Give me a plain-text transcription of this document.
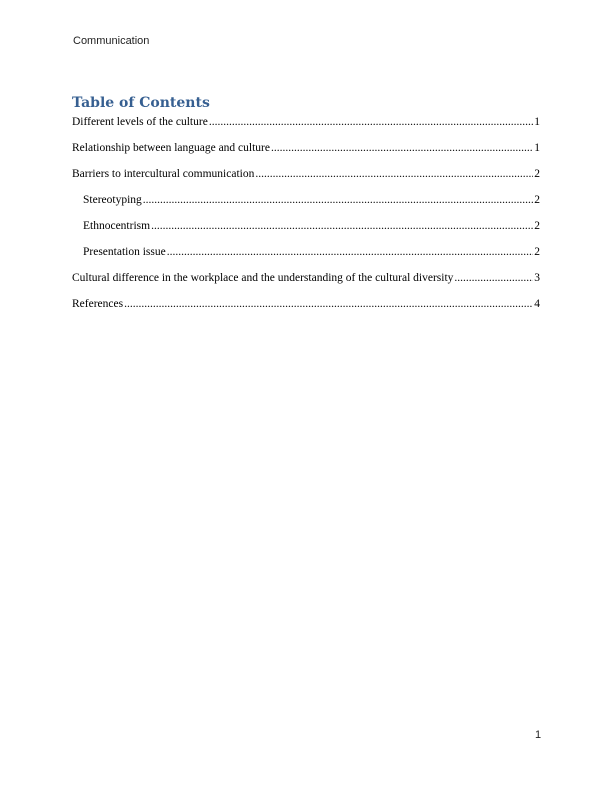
Communication
Table of Contents
Different levels of the culture .....	1
Relationship between language and culture .....	1
Barriers to intercultural communication .....	2
Stereotyping .....	2
Ethnocentrism .....	2
Presentation issue .....	2
Cultural difference in the workplace and the understanding of the cultural diversity .....	3
References .....	4
1
